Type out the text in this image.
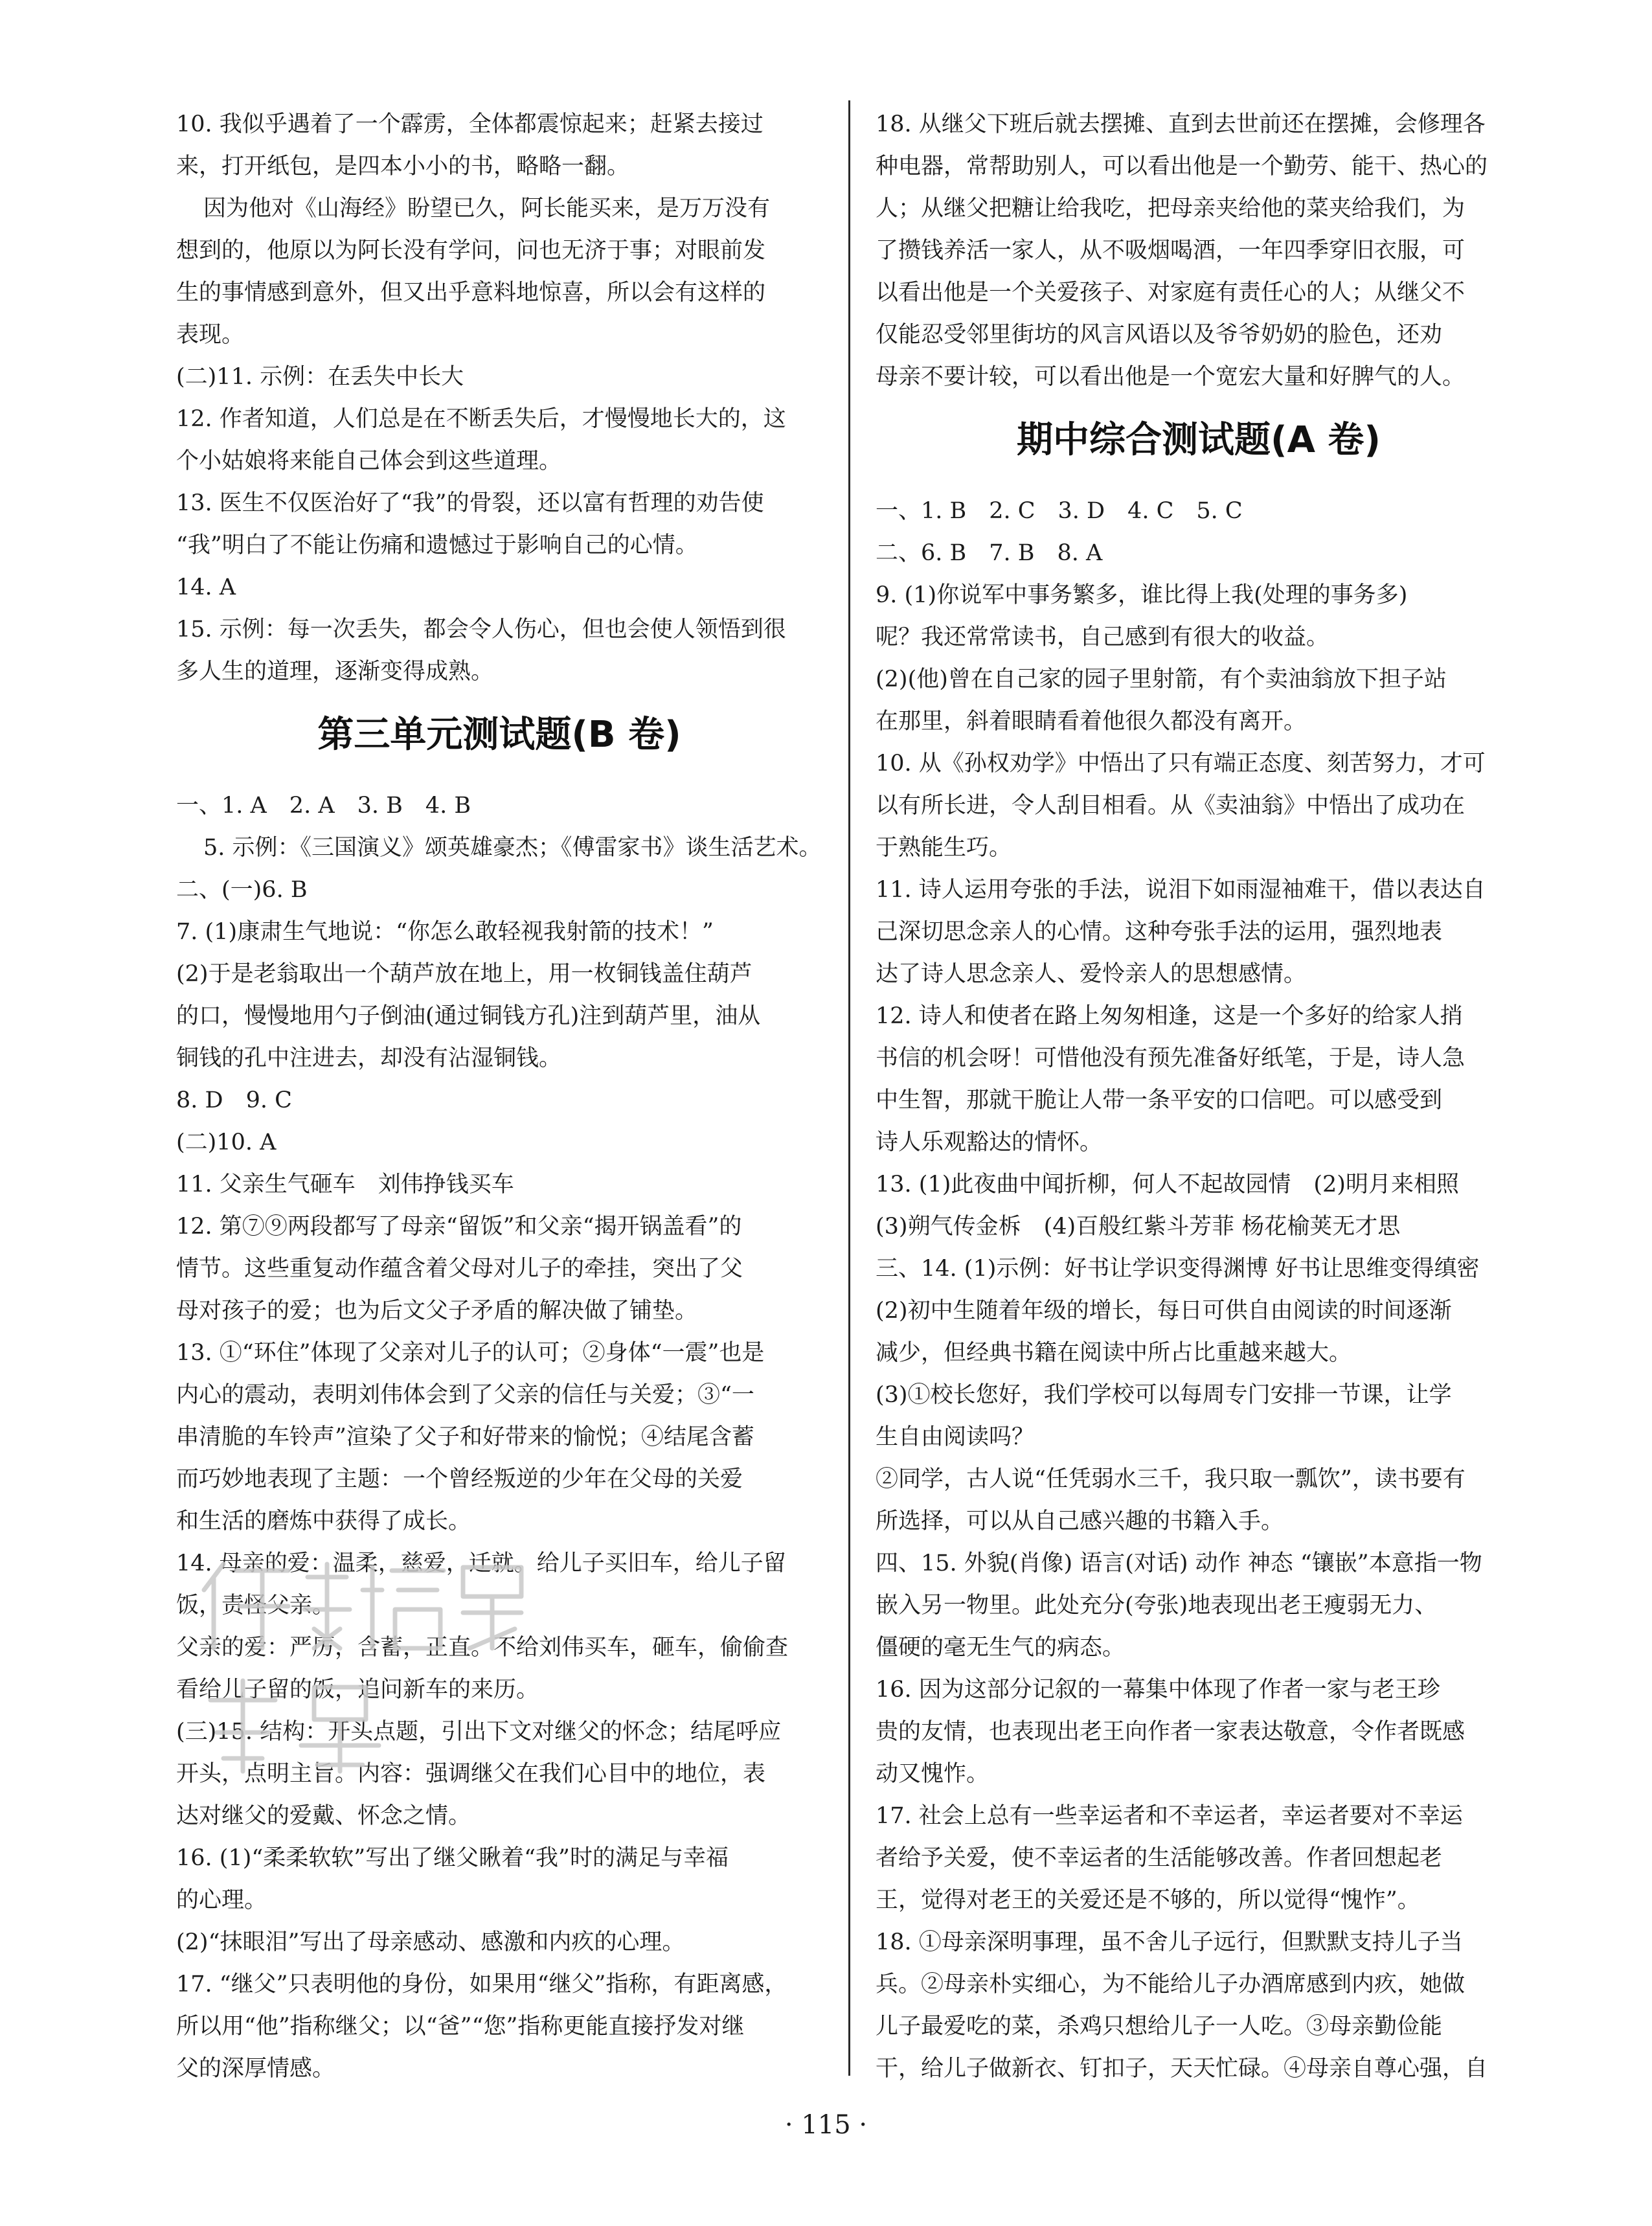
10. 我似乎遇着了一个霹雳，全体都震惊起来；赶紧去接过
来，打开纸包，是四本小小的书，略略一翻。
因为他对《山海经》盼望已久，阿长能买来，是万万没有
想到的，他原以为阿长没有学问，问也无济于事；对眼前发
生的事情感到意外，但又出乎意料地惊喜，所以会有这样的
表现。
(二)11. 示例：在丢失中长大
12. 作者知道，人们总是在不断丢失后，才慢慢地长大的，这
个小姑娘将来能自己体会到这些道理。
13. 医生不仅医治好了“我”的骨裂，还以富有哲理的劝告使
“我”明白了不能让伤痛和遗憾过于影响自己的心情。
14. A
15. 示例：每一次丢失，都会令人伤心，但也会使人领悟到很
多人生的道理，逐渐变得成熟。
第三单元测试题(B 卷)
一、1. A　2. A　3. B　4. B
5. 示例：《三国演义》颂英雄豪杰；《傅雷家书》谈生活艺术。
二、(一)6. B
7. (1)康肃生气地说：“你怎么敢轻视我射箭的技术！”
(2)于是老翁取出一个葫芦放在地上，用一枚铜钱盖住葫芦
的口，慢慢地用勺子倒油(通过铜钱方孔)注到葫芦里，油从
铜钱的孔中注进去，却没有沾湿铜钱。
8. D　9. C
(二)10. A
11. 父亲生气砸车　刘伟挣钱买车
12. 第⑦⑨两段都写了母亲“留饭”和父亲“揭开锅盖看”的
情节。这些重复动作蕴含着父母对儿子的牵挂，突出了父
母对孩子的爱；也为后文父子矛盾的解决做了铺垫。
13. ①“环住”体现了父亲对儿子的认可；②身体“一震”也是
内心的震动，表明刘伟体会到了父亲的信任与关爱；③“一
串清脆的车铃声”渲染了父子和好带来的愉悦；④结尾含蓄
而巧妙地表现了主题：一个曾经叛逆的少年在父母的关爱
和生活的磨炼中获得了成长。
14. 母亲的爱：温柔，慈爱，迁就。给儿子买旧车，给儿子留
饭，责怪父亲。
父亲的爱：严厉，含蓄，正直。不给刘伟买车，砸车，偷偷查
看给儿子留的饭，追问新车的来历。
(三)15. 结构：开头点题，引出下文对继父的怀念；结尾呼应
开头，点明主旨。内容：强调继父在我们心目中的地位，表
达对继父的爱戴、怀念之情。
16. (1)“柔柔软软”写出了继父瞅着“我”时的满足与幸福
的心理。
(2)“抹眼泪”写出了母亲感动、感激和内疚的心理。
17. “继父”只表明他的身份，如果用“继父”指称，有距离感，
所以用“他”指称继父；以“爸”“您”指称更能直接抒发对继
父的深厚情感。
18. 从继父下班后就去摆摊、直到去世前还在摆摊，会修理各
种电器，常帮助别人，可以看出他是一个勤劳、能干、热心的
人；从继父把糖让给我吃，把母亲夹给他的菜夹给我们，为
了攒钱养活一家人，从不吸烟喝酒，一年四季穿旧衣服，可
以看出他是一个关爱孩子、对家庭有责任心的人；从继父不
仅能忍受邻里街坊的风言风语以及爷爷奶奶的脸色，还劝
母亲不要计较，可以看出他是一个宽宏大量和好脾气的人。
期中综合测试题(A 卷)
一、1. B　2. C　3. D　4. C　5. C
二、6. B　7. B　8. A
9. (1)你说军中事务繁多，谁比得上我(处理的事务多)
呢？我还常常读书，自己感到有很大的收益。
(2)(他)曾在自己家的园子里射箭，有个卖油翁放下担子站
在那里，斜着眼睛看着他很久都没有离开。
10. 从《孙权劝学》中悟出了只有端正态度、刻苦努力，才可
以有所长进，令人刮目相看。从《卖油翁》中悟出了成功在
于熟能生巧。
11. 诗人运用夸张的手法，说泪下如雨湿袖难干，借以表达自
己深切思念亲人的心情。这种夸张手法的运用，强烈地表
达了诗人思念亲人、爱怜亲人的思想感情。
12. 诗人和使者在路上匆匆相逢，这是一个多好的给家人捎
书信的机会呀！可惜他没有预先准备好纸笔，于是，诗人急
中生智，那就干脆让人带一条平安的口信吧。可以感受到
诗人乐观豁达的情怀。
13. (1)此夜曲中闻折柳，何人不起故园情　(2)明月来相照
(3)朔气传金柝　(4)百般红紫斗芳菲 杨花榆荚无才思
三、14. (1)示例：好书让学识变得渊博 好书让思维变得缜密
(2)初中生随着年级的增长，每日可供自由阅读的时间逐渐
减少，但经典书籍在阅读中所占比重越来越大。
(3)①校长您好，我们学校可以每周专门安排一节课，让学
生自由阅读吗？
②同学，古人说“任凭弱水三千，我只取一瓢饮”，读书要有
所选择，可以从自己感兴趣的书籍入手。
四、15. 外貌(肖像) 语言(对话) 动作 神态 “镶嵌”本意指一物
嵌入另一物里。此处充分(夸张)地表现出老王瘦弱无力、
僵硬的毫无生气的病态。
16. 因为这部分记叙的一幕集中体现了作者一家与老王珍
贵的友情，也表现出老王向作者一家表达敬意，令作者既感
动又愧怍。
17. 社会上总有一些幸运者和不幸运者，幸运者要对不幸运
者给予关爱，使不幸运者的生活能够改善。作者回想起老
王，觉得对老王的关爱还是不够的，所以觉得“愧怍”。
18. ①母亲深明事理，虽不舍儿子远行，但默默支持儿子当
兵。②母亲朴实细心，为不能给儿子办酒席感到内疚，她做
儿子最爱吃的菜，杀鸡只想给儿子一人吃。③母亲勤俭能
干，给儿子做新衣、钉扣子，天天忙碌。④母亲自尊心强，自
· 115 ·
